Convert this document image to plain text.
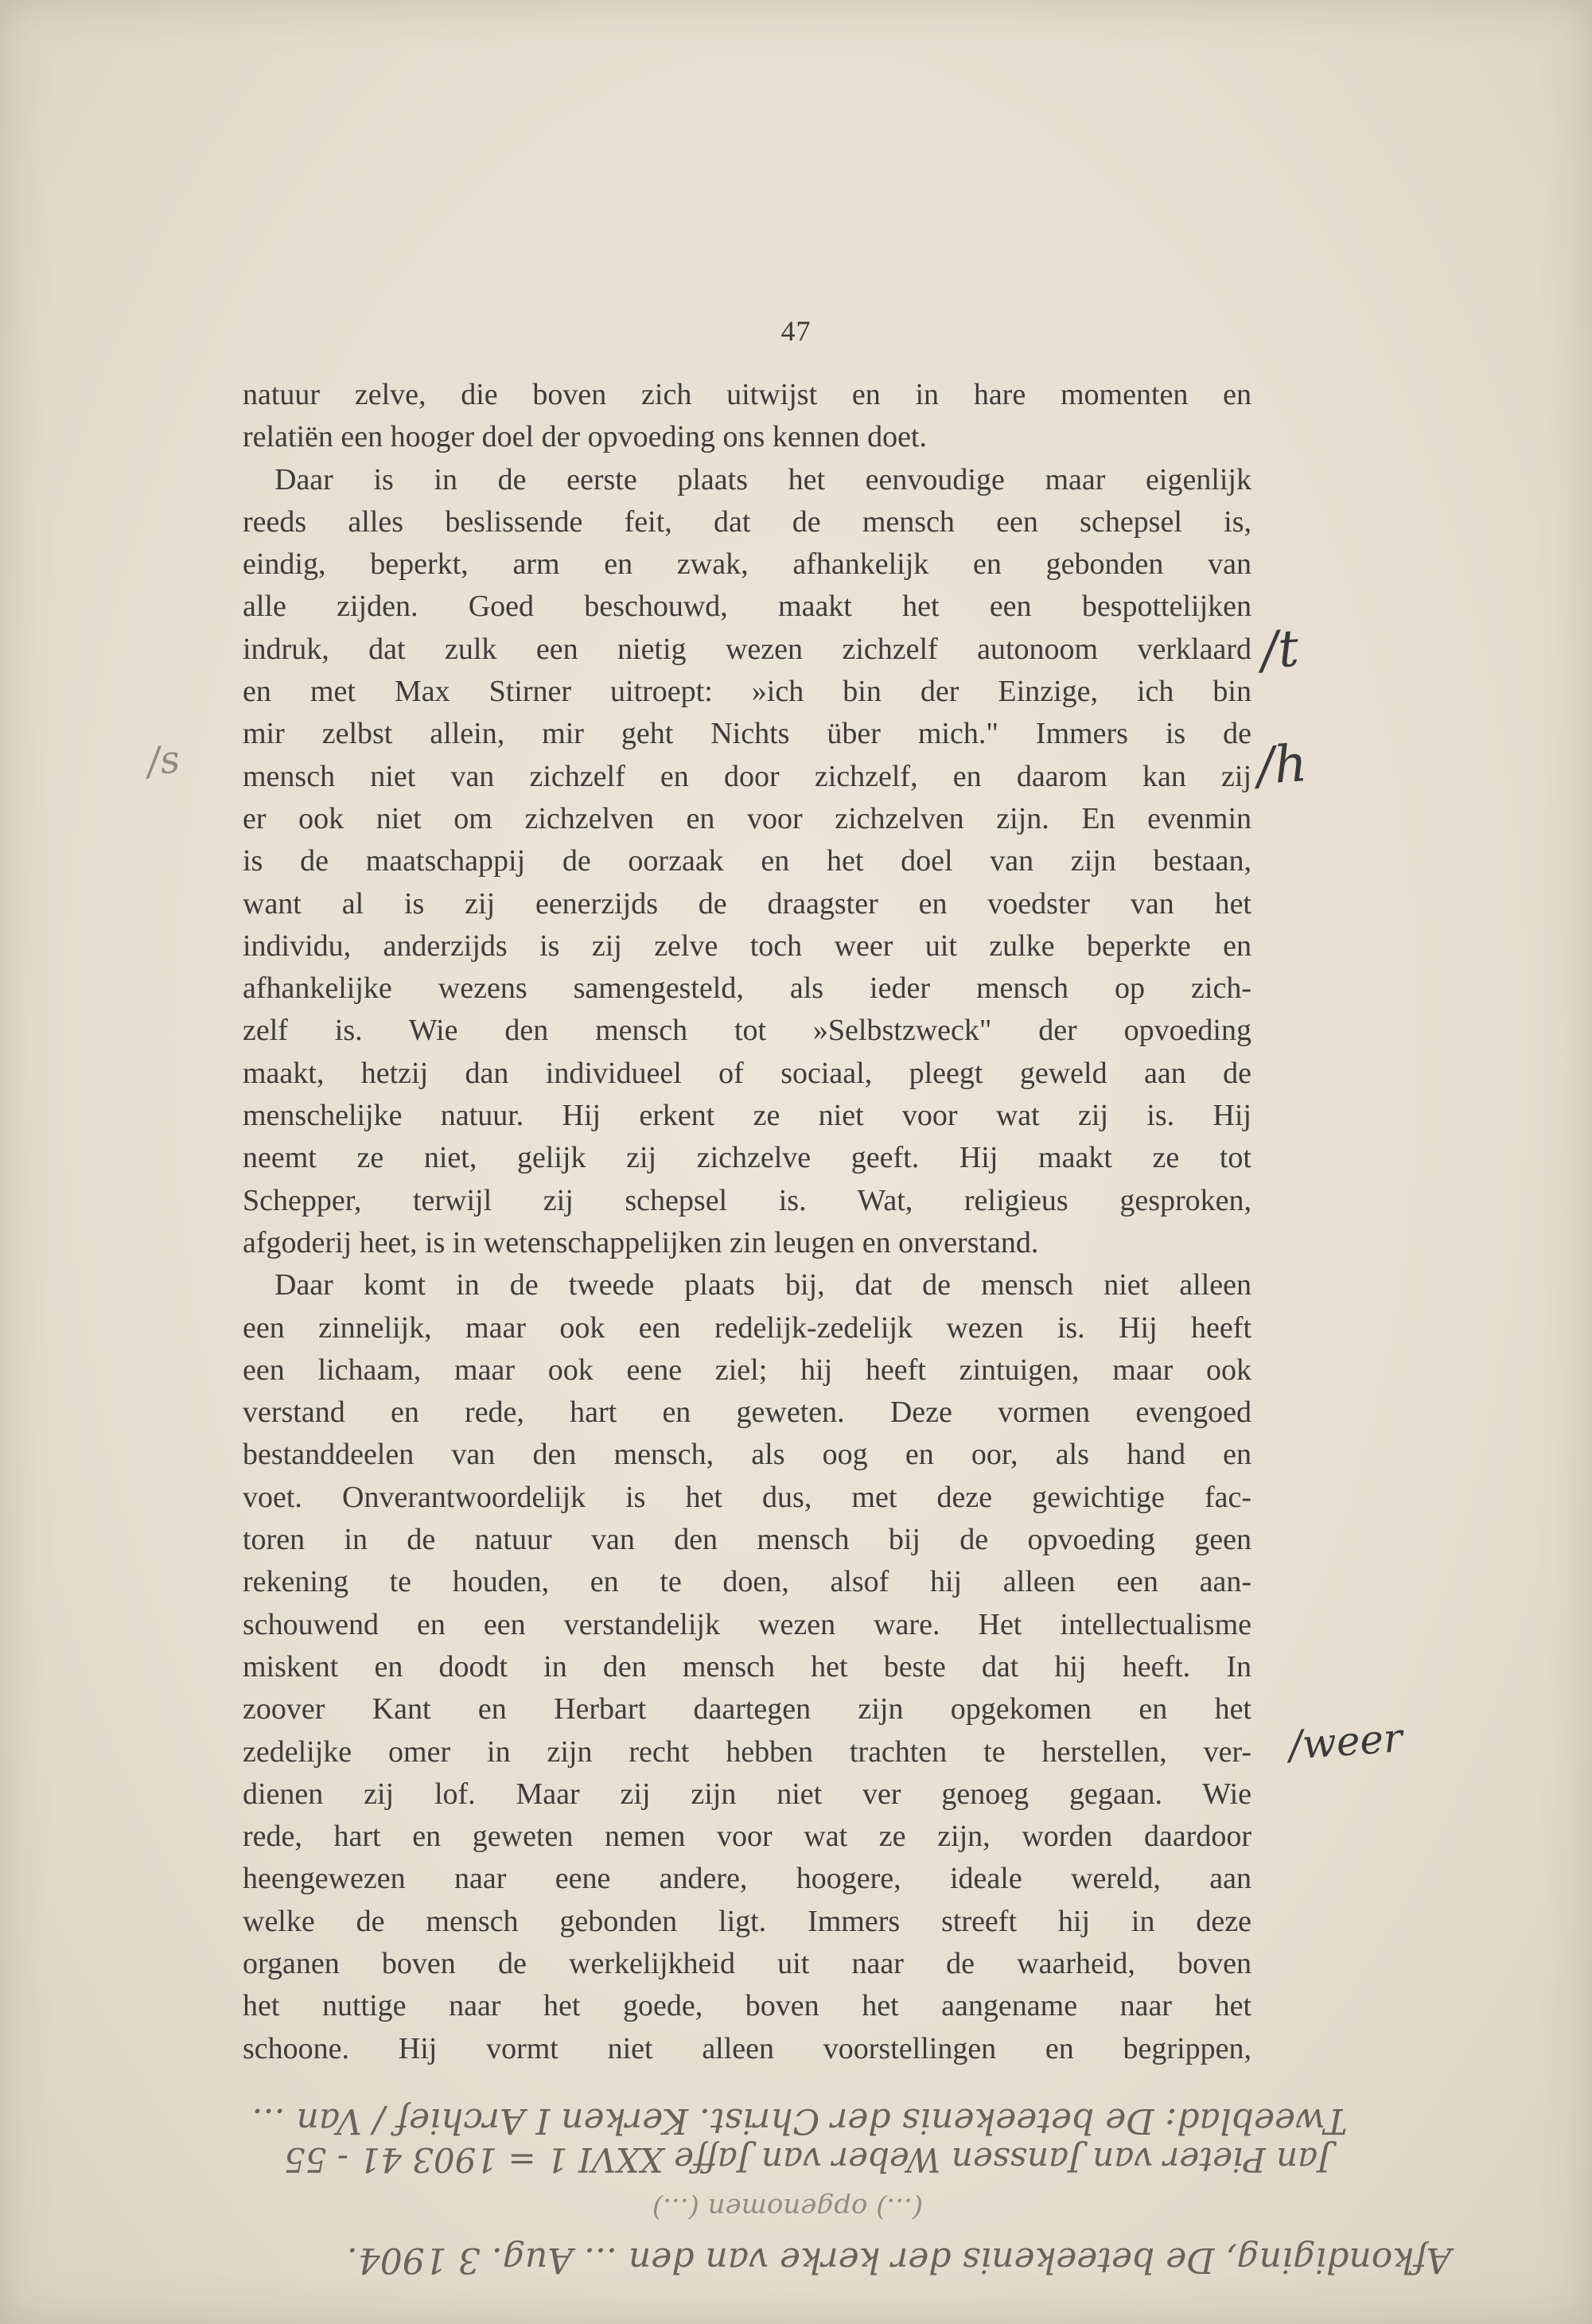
47
natuur zelve, die boven zich uitwijst en in hare momenten en
relatiën een hooger doel der opvoeding ons kennen doet.
Daar is in de eerste plaats het eenvoudige maar eigenlijk
reeds alles beslissende feit, dat de mensch een schepsel is,
eindig, beperkt, arm en zwak, afhankelijk en gebonden van
alle zijden. Goed beschouwd, maakt het een bespottelijken
indruk, dat zulk een nietig wezen zichzelf autonoom verklaard
en met Max Stirner uitroept: »ich bin der Einzige, ich bin
mir zelbst allein, mir geht Nichts über mich." Immers is de
mensch niet van zichzelf en door zichzelf, en daarom kan zij
er ook niet om zichzelven en voor zichzelven zijn. En evenmin
is de maatschappij de oorzaak en het doel van zijn bestaan,
want al is zij eenerzijds de draagster en voedster van het
individu, anderzijds is zij zelve toch weer uit zulke beperkte en
afhankelijke wezens samengesteld, als ieder mensch op zich-
zelf is. Wie den mensch tot »Selbstzweck" der opvoeding
maakt, hetzij dan individueel of sociaal, pleegt geweld aan de
menschelijke natuur. Hij erkent ze niet voor wat zij is. Hij
neemt ze niet, gelijk zij zichzelve geeft. Hij maakt ze tot
Schepper, terwijl zij schepsel is. Wat, religieus gesproken,
afgoderij heet, is in wetenschappelijken zin leugen en onverstand.
Daar komt in de tweede plaats bij, dat de mensch niet alleen
een zinnelijk, maar ook een redelijk-zedelijk wezen is. Hij heeft
een lichaam, maar ook eene ziel; hij heeft zintuigen, maar ook
verstand en rede, hart en geweten. Deze vormen evengoed
bestanddeelen van den mensch, als oog en oor, als hand en
voet. Onverantwoordelijk is het dus, met deze gewichtige fac-
toren in de natuur van den mensch bij de opvoeding geen
rekening te houden, en te doen, alsof hij alleen een aan-
schouwend en een verstandelijk wezen ware. Het intellectualisme
miskent en doodt in den mensch het beste dat hij heeft. In
zoover Kant en Herbart daartegen zijn opgekomen en het
zedelijke omer in zijn recht hebben trachten te herstellen, ver-
dienen zij lof. Maar zij zijn niet ver genoeg gegaan. Wie
rede, hart en geweten nemen voor wat ze zijn, worden daardoor
heengewezen naar eene andere, hoogere, ideale wereld, aan
welke de mensch gebonden ligt. Immers streeft hij in deze
organen boven de werkelijkheid uit naar de waarheid, boven
het nuttige naar het goede, boven het aangename naar het
schoone. Hij vormt niet alleen voorstellingen en begrippen,
/t
/h
/s
/weer
Tweeblad: De beteekenis der Christ. Kerken I Archief / Van ...
Jan Pieter van Janssen Weber van Jaffe XXVI 1 = 1903 41 - 55
(...) opgenomen (...)
Afkondiging, De beteekenis der kerke van den ... Aug. 3 1904.
